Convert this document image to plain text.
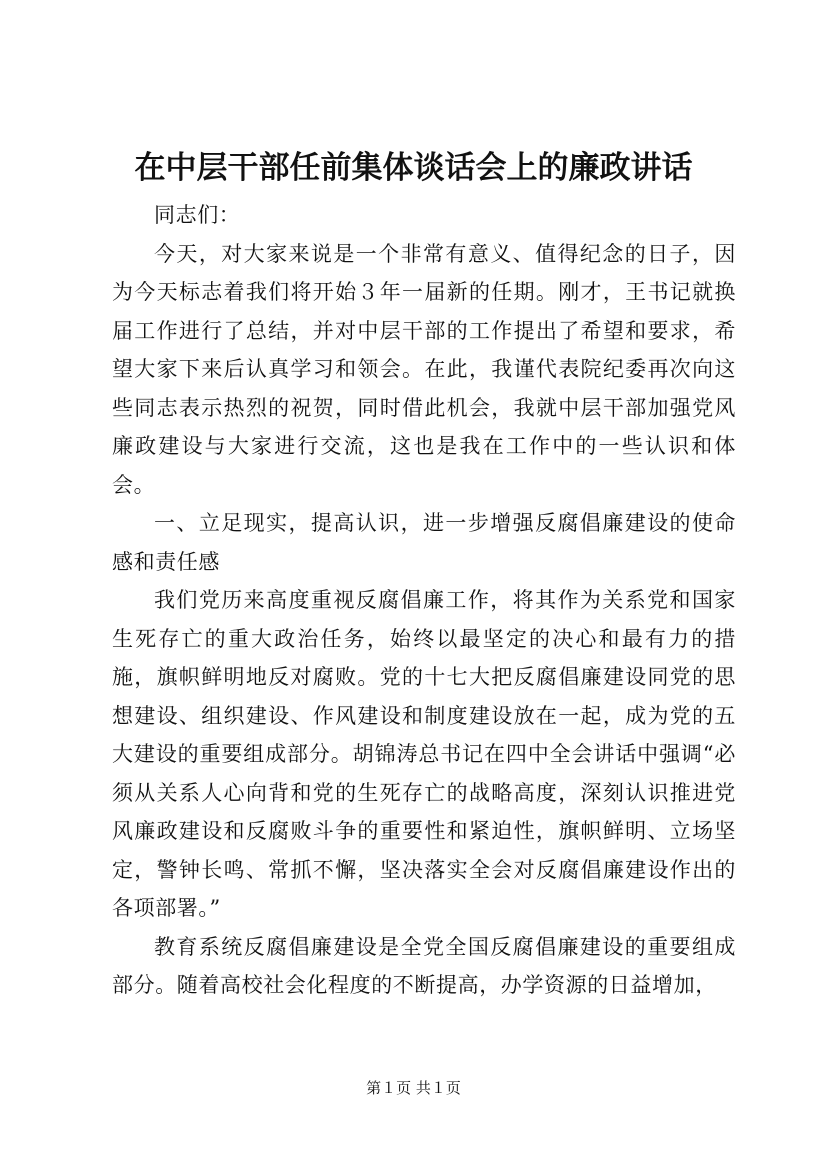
在中层干部任前集体谈话会上的廉政讲话

同志们：

今天，对大家来说是一个非常有意义、值得纪念的日子，因为今天标志着我们将开始３年一届新的任期。刚才，王书记就换届工作进行了总结，并对中层干部的工作提出了希望和要求，希望大家下来后认真学习和领会。在此，我谨代表院纪委再次向这些同志表示热烈的祝贺，同时借此机会，我就中层干部加强党风廉政建设与大家进行交流，这也是我在工作中的一些认识和体会。

一、立足现实，提高认识，进一步增强反腐倡廉建设的使命感和责任感

我们党历来高度重视反腐倡廉工作，将其作为关系党和国家生死存亡的重大政治任务，始终以最坚定的决心和最有力的措施，旗帜鲜明地反对腐败。党的十七大把反腐倡廉建设同党的思想建设、组织建设、作风建设和制度建设放在一起，成为党的五大建设的重要组成部分。胡锦涛总书记在四中全会讲话中强调“必须从关系人心向背和党的生死存亡的战略高度，深刻认识推进党风廉政建设和反腐败斗争的重要性和紧迫性，旗帜鲜明、立场坚定，警钟长鸣、常抓不懈，坚决落实全会对反腐倡廉建设作出的各项部署。”

教育系统反腐倡廉建设是全党全国反腐倡廉建设的重要组成部分。随着高校社会化程度的不断提高，办学资源的日益增加，

第１页 共１页
